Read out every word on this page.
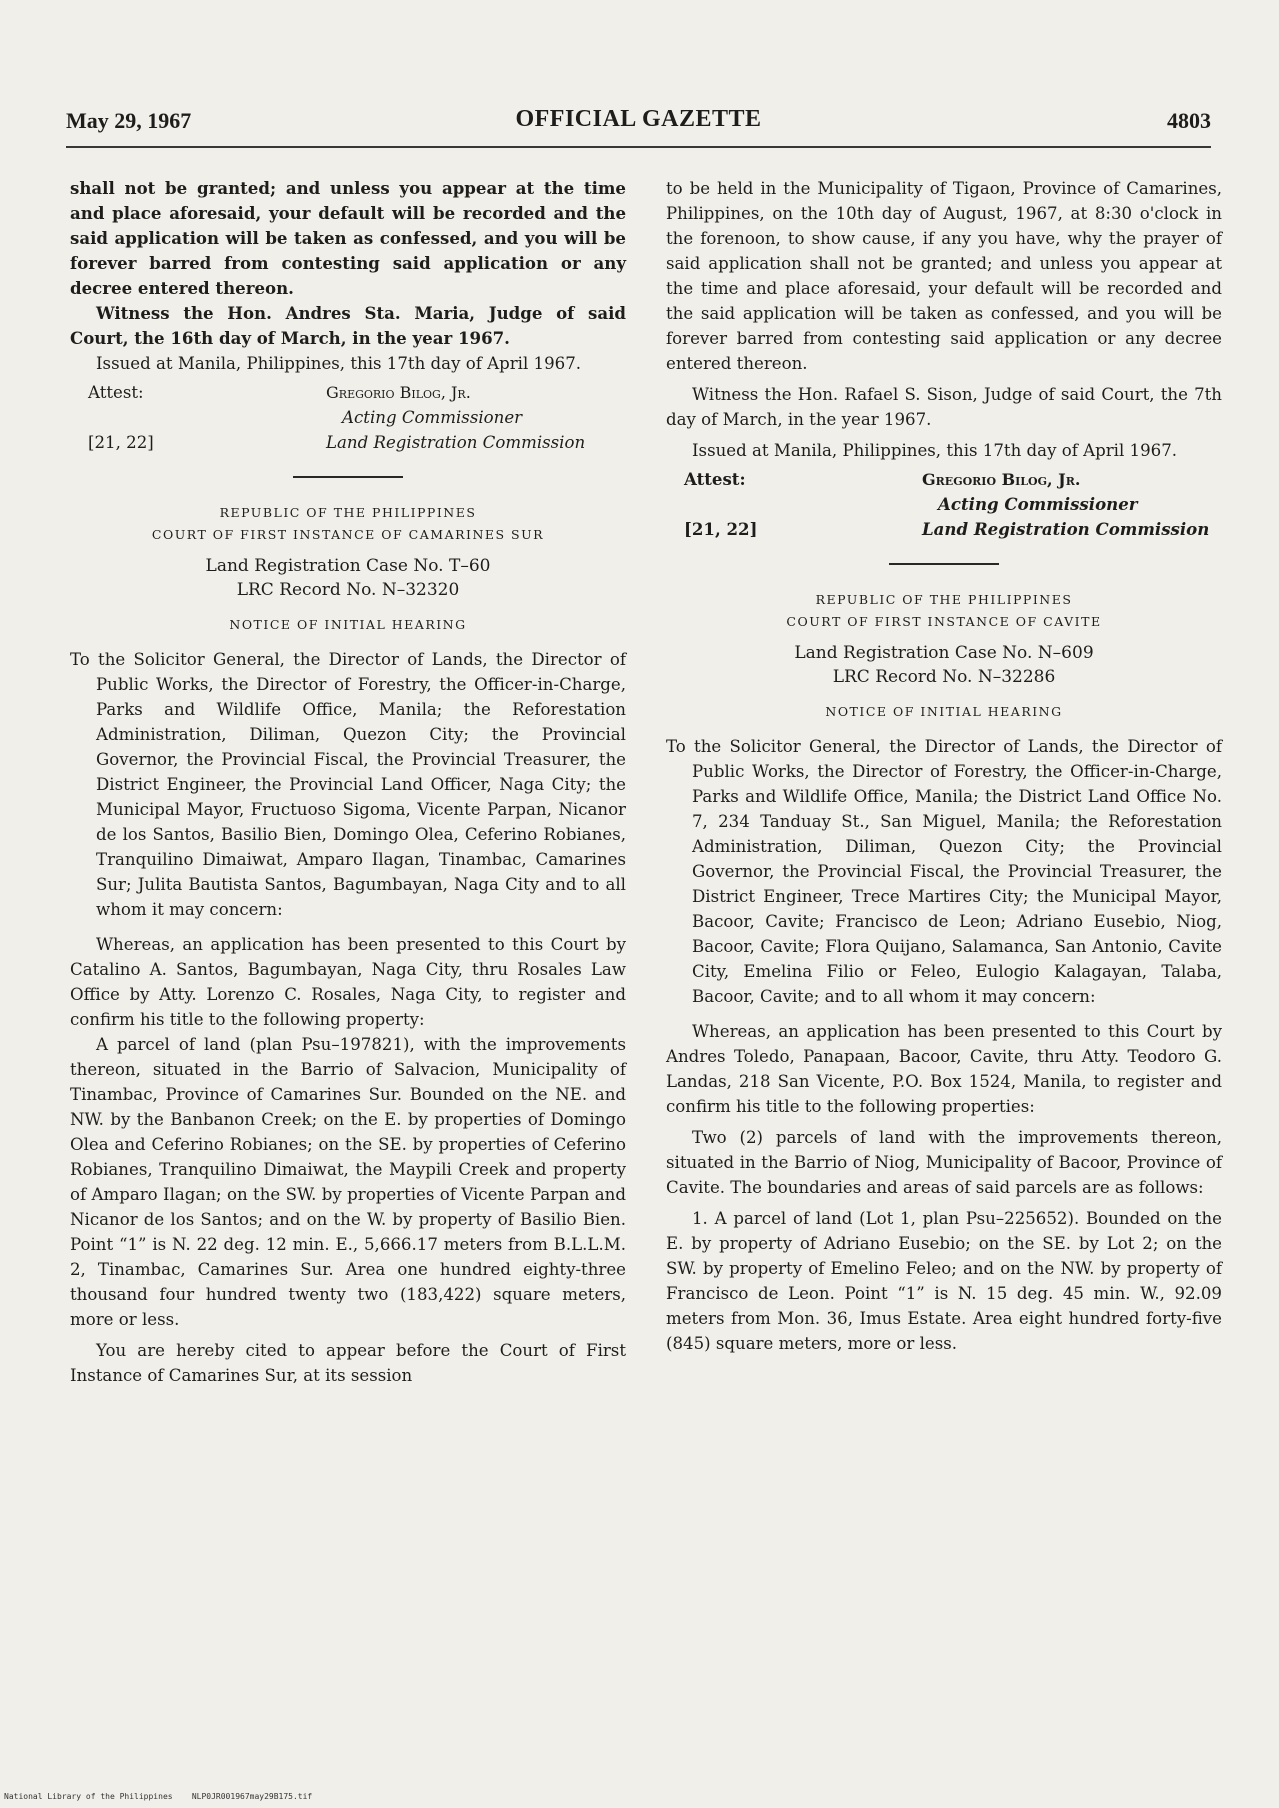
May 29, 1967	OFFICIAL GAZETTE	4803

shall not be granted; and unless you appear at the time and place aforesaid, your default will be recorded and the said application will be taken as confessed, and you will be forever barred from contesting said application or any decree entered thereon.

Witness the Hon. Andres Sta. Maria, Judge of said Court, the 16th day of March, in the year 1967.

Issued at Manila, Philippines, this 17th day of April 1967.

Attest:	Gregorio Bilog, Jr.
Acting Commissioner
Land Registration Commission
[21, 22]
REPUBLIC OF THE PHILIPPINES
COURT OF FIRST INSTANCE OF CAMARINES SUR
Land Registration Case No. T–60
LRC Record No. N–32320
NOTICE OF INITIAL HEARING

To the Solicitor General, the Director of Lands, the Director of Public Works, the Director of Forestry, the Officer-in-Charge, Parks and Wildlife Office, Manila; the Reforestation Administration, Diliman, Quezon City; the Provincial Governor, the Provincial Fiscal, the Provincial Treasurer, the District Engineer, the Provincial Land Officer, Naga City; the Municipal Mayor, Fructuoso Sigoma, Vicente Parpan, Nicanor de los Santos, Basilio Bien, Domingo Olea, Ceferino Robianes, Tranquilino Dimaiwat, Amparo Ilagan, Tinambac, Camarines Sur; Julita Bautista Santos, Bagumbayan, Naga City and to all whom it may concern:

Whereas, an application has been presented to this Court by Catalino A. Santos, Bagumbayan, Naga City, thru Rosales Law Office by Atty. Lorenzo C. Rosales, Naga City, to register and confirm his title to the following property:

A parcel of land (plan Psu–197821), with the improvements thereon, situated in the Barrio of Salvacion, Municipality of Tinambac, Province of Camarines Sur. Bounded on the NE. and NW. by the Banbanon Creek; on the E. by properties of Domingo Olea and Ceferino Robianes; on the SE. by properties of Ceferino Robianes, Tranquilino Dimaiwat, the Maypili Creek and property of Amparo Ilagan; on the SW. by properties of Vicente Parpan and Nicanor de los Santos; and on the W. by property of Basilio Bien. Point “1” is N. 22 deg. 12 min. E., 5,666.17 meters from B.L.L.M. 2, Tinambac, Camarines Sur. Area one hundred eighty-three thousand four hundred twenty two (183,422) square meters, more or less.

You are hereby cited to appear before the Court of First Instance of Camarines Sur, at its session

to be held in the Municipality of Tigaon, Province of Camarines, Philippines, on the 10th day of August, 1967, at 8:30 o'clock in the forenoon, to show cause, if any you have, why the prayer of said application shall not be granted; and unless you appear at the time and place aforesaid, your default will be recorded and the said application will be taken as confessed, and you will be forever barred from contesting said application or any decree entered thereon.

Witness the Hon. Rafael S. Sison, Judge of said Court, the 7th day of March, in the year 1967.

Issued at Manila, Philippines, this 17th day of April 1967.

Attest:	Gregorio Bilog, Jr.
Acting Commissioner
Land Registration Commission
[21, 22]
REPUBLIC OF THE PHILIPPINES
COURT OF FIRST INSTANCE OF CAVITE
Land Registration Case No. N–609
LRC Record No. N–32286
NOTICE OF INITIAL HEARING

To the Solicitor General, the Director of Lands, the Director of Public Works, the Director of Forestry, the Officer-in-Charge, Parks and Wildlife Office, Manila; the District Land Office No. 7, 234 Tanduay St., San Miguel, Manila; the Reforestation Administration, Diliman, Quezon City; the Provincial Governor, the Provincial Fiscal, the Provincial Treasurer, the District Engineer, Trece Martires City; the Municipal Mayor, Bacoor, Cavite; Francisco de Leon; Adriano Eusebio, Niog, Bacoor, Cavite; Flora Quijano, Salamanca, San Antonio, Cavite City, Emelina Filio or Feleo, Eulogio Kalagayan, Talaba, Bacoor, Cavite; and to all whom it may concern:

Whereas, an application has been presented to this Court by Andres Toledo, Panapaan, Bacoor, Cavite, thru Atty. Teodoro G. Landas, 218 San Vicente, P.O. Box 1524, Manila, to register and confirm his title to the following properties:

Two (2) parcels of land with the improvements thereon, situated in the Barrio of Niog, Municipality of Bacoor, Province of Cavite. The boundaries and areas of said parcels are as follows:

1. A parcel of land (Lot 1, plan Psu–225652). Bounded on the E. by property of Adriano Eusebio; on the SE. by Lot 2; on the SW. by property of Emelino Feleo; and on the NW. by property of Francisco de Leon. Point “1” is N. 15 deg. 45 min. W., 92.09 meters from Mon. 36, Imus Estate. Area eight hundred forty-five (845) square meters, more or less.

National Library of the Philippines    NLP0JR001967may29B175.tif
